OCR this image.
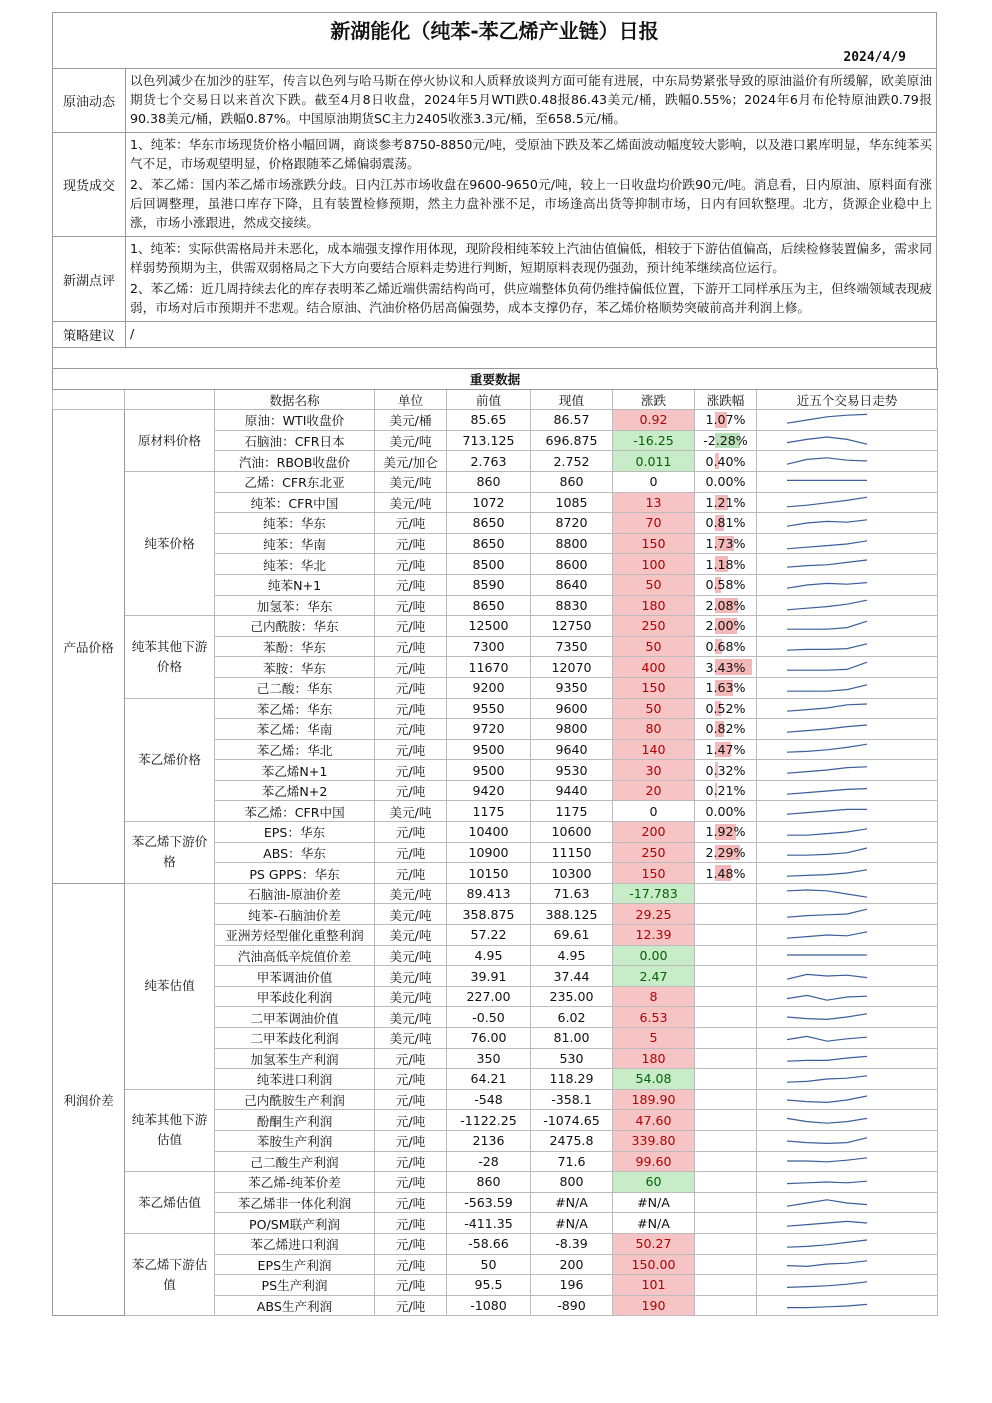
新湖能化（纯苯-苯乙烯产业链）日报
2024/4/9
原油动态

以色列减少在加沙的驻军，传言以色列与哈马斯在停火协议和人质释放谈判方面可能有进展，中东局势紧张导致的原油溢价有所缓解，欧美原油期货七个交易日以来首次下跌。截至4月8日收盘，2024年5月WTI跌0.48报86.43美元/桶，跌幅0.55%；2024年6月布伦特原油跌0.79报90.38美元/桶，跌幅0.87%。中国原油期货SC主力2405收涨3.3元/桶，至658.5元/桶。

现货成交

1、纯苯：华东市场现货价格小幅回调，商谈参考8750-8850元/吨，受原油下跌及苯乙烯面波动幅度较大影响，以及港口累库明显，华东纯苯买气不足，市场观望明显，价格跟随苯乙烯偏弱震荡。

2、苯乙烯：国内苯乙烯市场涨跌分歧。日内江苏市场收盘在9600-9650元/吨，较上一日收盘均价跌90元/吨。消息看，日内原油、原料面有涨后回调整理，虽港口库存下降，且有装置检修预期，然主力盘补涨不足，市场逢高出货等抑制市场，日内有回软整理。北方，货源企业稳中上涨，市场小涨跟进，然成交接续。

新湖点评

1、纯苯：实际供需格局并未恶化，成本端强支撑作用体现，现阶段相纯苯较上汽油估值偏低，相较于下游估值偏高，后续检修装置偏多，需求同样弱势预期为主，供需双弱格局之下大方向要结合原料走势进行判断，短期原料表现仍强劲，预计纯苯继续高位运行。

2、苯乙烯：近几周持续去化的库存表明苯乙烯近端供需结构尚可，供应端整体负荷仍维持偏低位置，下游开工同样承压为主，但终端领域表现疲弱，市场对后市预期并不悲观。结合原油、汽油价格仍居高偏强势，成本支撑仍存，苯乙烯价格顺势突破前高并利润上修。

策略建议	/

重要数据								
		数据名称	单位	前值	现值	涨跌	涨跌幅	近五个交易日走势
产品价格	原材料价格	原油：WTI收盘价	美元/桶	85.65	86.57	0.92	1.07%	

		石脑油：CFR日本	美元/吨	713.125	696.875	-16.25	-2.28%	

		汽油：RBOB收盘价	美元/加仑	2.763	2.752	0.011	0.40%	

	纯苯价格	乙烯：CFR东北亚	美元/吨	860	860	0	0.00%	

		纯苯：CFR中国	美元/吨	1072	1085	13	1.21%	

		纯苯：华东	元/吨	8650	8720	70	0.81%	

		纯苯：华南	元/吨	8650	8800	150	1.73%	

		纯苯：华北	元/吨	8500	8600	100	1.18%	

		纯苯N+1	元/吨	8590	8640	50	0.58%	

		加氢苯：华东	元/吨	8650	8830	180	2.08%	

	纯苯其他下游价格	己内酰胺：华东	元/吨	12500	12750	250	2.00%	

		苯酚：华东	元/吨	7300	7350	50	0.68%	

		苯胺：华东	元/吨	11670	12070	400	3.43%	

		己二酸：华东	元/吨	9200	9350	150	1.63%	

	苯乙烯价格	苯乙烯：华东	元/吨	9550	9600	50	0.52%	

		苯乙烯：华南	元/吨	9720	9800	80	0.82%	

		苯乙烯：华北	元/吨	9500	9640	140	1.47%	

		苯乙烯N+1	元/吨	9500	9530	30	0.32%	

		苯乙烯N+2	元/吨	9420	9440	20	0.21%	

		苯乙烯：CFR中国	美元/吨	1175	1175	0	0.00%	

	苯乙烯下游价格	EPS：华东	元/吨	10400	10600	200	1.92%	

		ABS：华东	元/吨	10900	11150	250	2.29%	

		PS GPPS：华东	元/吨	10150	10300	150	1.48%	

利润价差	纯苯估值	石脑油-原油价差	美元/吨	89.413	71.63	-17.783		

		纯苯-石脑油价差	美元/吨	358.875	388.125	29.25		

		亚洲芳烃型催化重整利润	美元/吨	57.22	69.61	12.39		

		汽油高低辛烷值价差	美元/吨	4.95	4.95	0.00		

		甲苯调油价值	美元/吨	39.91	37.44	2.47		

		甲苯歧化利润	美元/吨	227.00	235.00	8		

		二甲苯调油价值	美元/吨	-0.50	6.02	6.53		

		二甲苯歧化利润	美元/吨	76.00	81.00	5		

		加氢苯生产利润	元/吨	350	530	180		

		纯苯进口利润	元/吨	64.21	118.29	54.08		

	纯苯其他下游估值	己内酰胺生产利润	元/吨	-548	-358.1	189.90		

		酚酮生产利润	元/吨	-1122.25	-1074.65	47.60		

		苯胺生产利润	元/吨	2136	2475.8	339.80		

		己二酸生产利润	元/吨	-28	71.6	99.60		

	苯乙烯估值	苯乙烯-纯苯价差	元/吨	860	800	60		

		苯乙烯非一体化利润	元/吨	-563.59	#N/A	#N/A		

		PO/SM联产利润	元/吨	-411.35	#N/A	#N/A		

	苯乙烯下游估值	苯乙烯进口利润	元/吨	-58.66	-8.39	50.27		

		EPS生产利润	元/吨	50	200	150.00		

		PS生产利润	元/吨	95.5	196	101		

		ABS生产利润	元/吨	-1080	-890	190		
